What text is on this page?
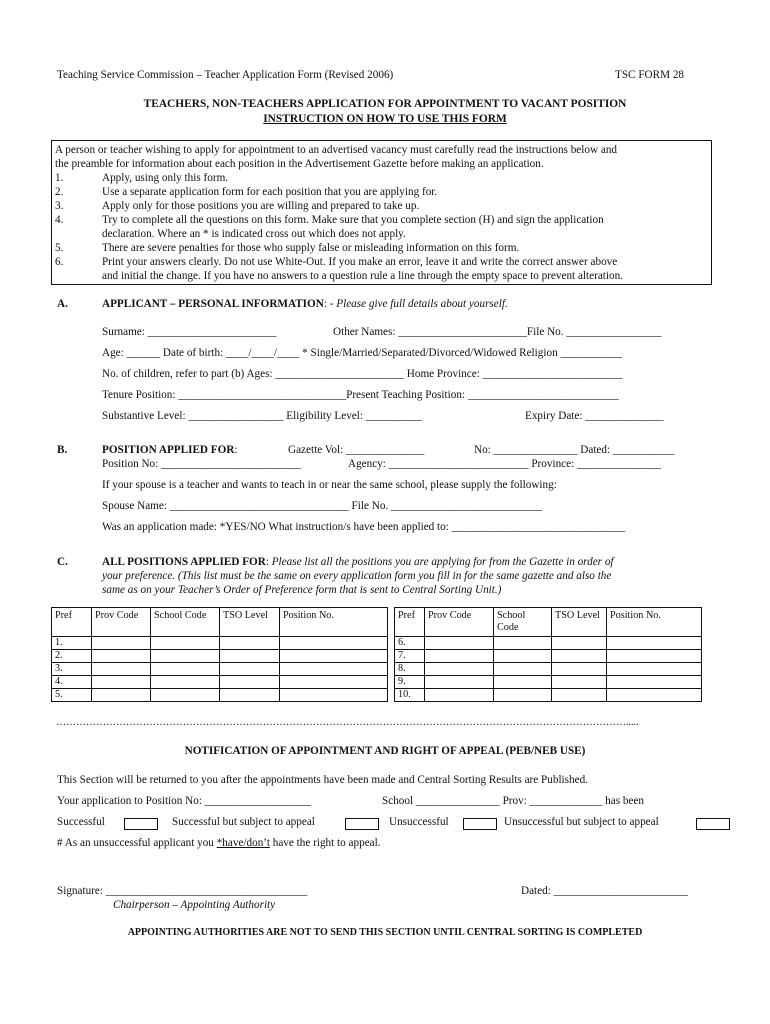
Teaching Service Commission – Teacher Application Form (Revised 2006)	TSC FORM 28
TEACHERS, NON-TEACHERS APPLICATION FOR APPOINTMENT TO VACANT POSITION
INSTRUCTION ON HOW TO USE THIS FORM
A person or teacher wishing to apply for appointment to an advertised vacancy must carefully read the instructions below and
the preamble for information about each position in the Advertisement Gazette before making an application.
1.	Apply, using only this form.
2.	Use a separate application form for each position that you are applying for.
3.	Apply only for those positions you are willing and prepared to take up.
4.	Try to complete all the questions on this form. Make sure that you complete section (H) and sign the application
declaration. Where an * is indicated cross out which does not apply.
5.	There are severe penalties for those who supply false or misleading information on this form.
6.	Print your answers clearly. Do not use White-Out. If you make an error, leave it and write the correct answer above
and initial the change. If you have no answers to a question rule a line through the empty space to prevent alteration.
A.	APPLICANT – PERSONAL INFORMATION: - Please give full details about yourself.
Surname: _______________________	Other Names: _______________________File No. _________________
Age: ______ Date of birth: ____/____/____ * Single/Married/Separated/Divorced/Widowed Religion ___________
No. of children, refer to part (b) Ages: _______________________ Home Province: _________________________
Tenure Position: ______________________________Present Teaching Position: ___________________________
Substantive Level: _________________ Eligibility Level: __________	Expiry Date: ______________
B.	POSITION APPLIED FOR:	Gazette Vol: ______________	No: _______________ Dated: ___________
Position No: _________________________	Agency: _________________________ Province: _______________
If your spouse is a teacher and wants to teach in or near the same school, please supply the following:
Spouse Name: ________________________________ File No. ___________________________
Was an application made: *YES/NO What instruction/s have been applied to: _______________________________
C.	ALL POSITIONS APPLIED FOR: Please list all the positions you are applying for from the Gazette in order of
your preference. (This list must be the same on every application form you fill in for the same gazette and also the
same as on your Teacher’s Order of Preference form that is sent to Central Sorting Unit.)
Pref	Prov Code	School Code	TSO Level	Position No.
1.				
2.				
3.				
4.				
5.				
Pref	Prov Code	School Code	TSO Level	Position No.
6.				
7.				
8.				
9.				
10.				
……………………………………………………………………………………………………………………………………………………….....
NOTIFICATION OF APPOINTMENT AND RIGHT OF APPEAL (PEB/NEB USE)
This Section will be returned to you after the appointments have been made and Central Sorting Results are Published.
Your application to Position No: ___________________	School _______________ Prov: _____________ has been
Successful	Successful but subject to appeal	Unsuccessful	Unsuccessful but subject to appeal
# As an unsuccessful applicant you *have/don’t have the right to appeal.
Signature: ____________________________________
Chairperson – Appointing Authority
Dated: ________________________
APPOINTING AUTHORITIES ARE NOT TO SEND THIS SECTION UNTIL CENTRAL SORTING IS COMPLETED
